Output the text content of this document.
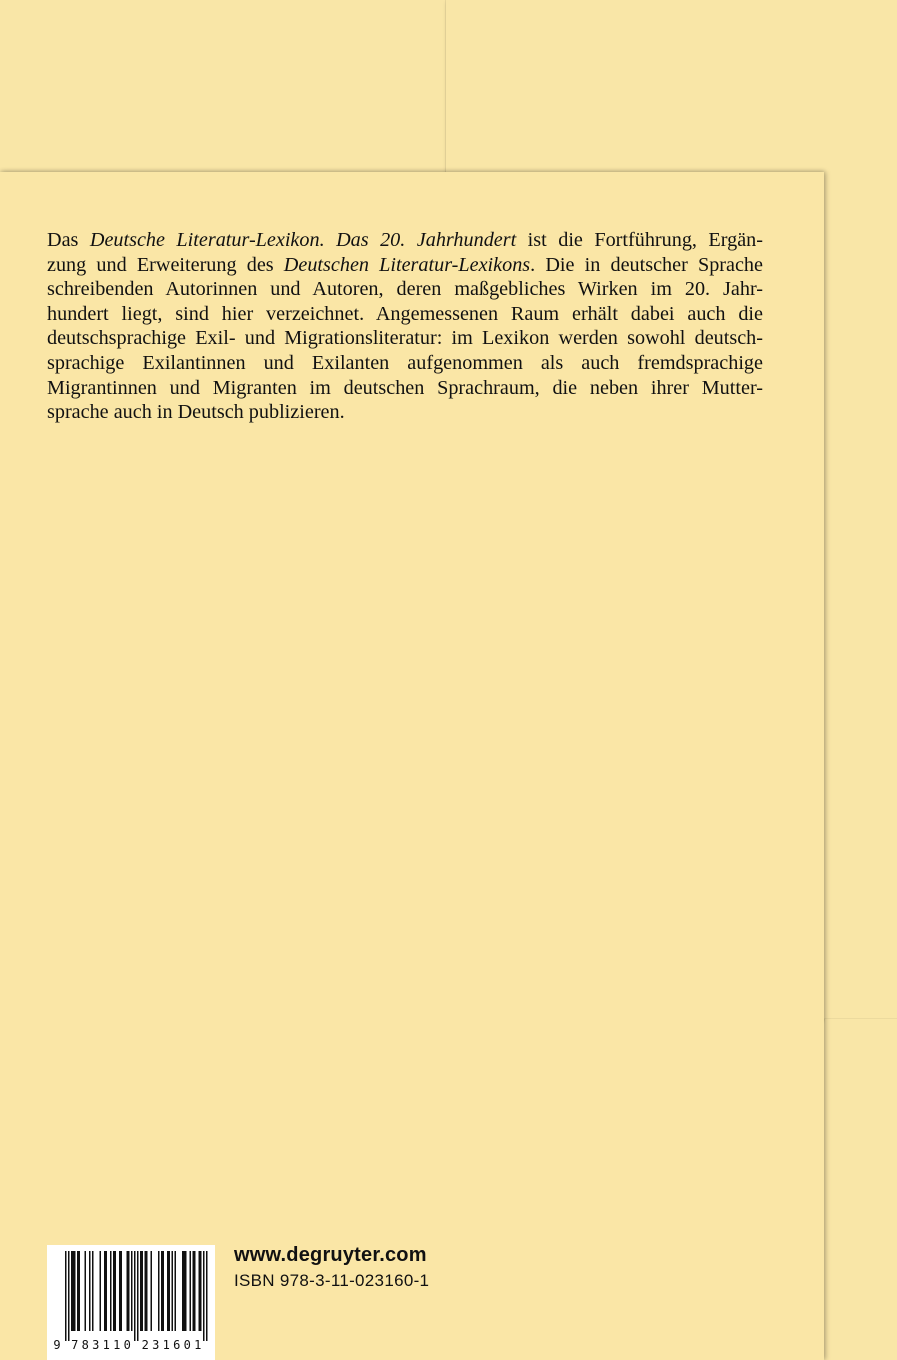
Das Deutsche Literatur-Lexikon. Das 20. Jahrhundert ist die Fortführung, Ergän-
zung und Erweiterung des Deutschen Literatur-Lexikons. Die in deutscher Sprache
schreibenden Autorinnen und Autoren, deren maßgebliches Wirken im 20. Jahr-
hundert liegt, sind hier verzeichnet. Angemessenen Raum erhält dabei auch die
deutschsprachige Exil- und Migrationsliteratur: im Lexikon werden sowohl deutsch-
sprachige Exilantinnen und Exilanten aufgenommen als auch fremdsprachige
Migrantinnen und Migranten im deutschen Sprachraum, die neben ihrer Mutter-
sprache auch in Deutsch publizieren.
9 7 8 3 1 1 0 2 3 1 6 0 1
www.degruyter.com
ISBN 978-3-11-023160-1
